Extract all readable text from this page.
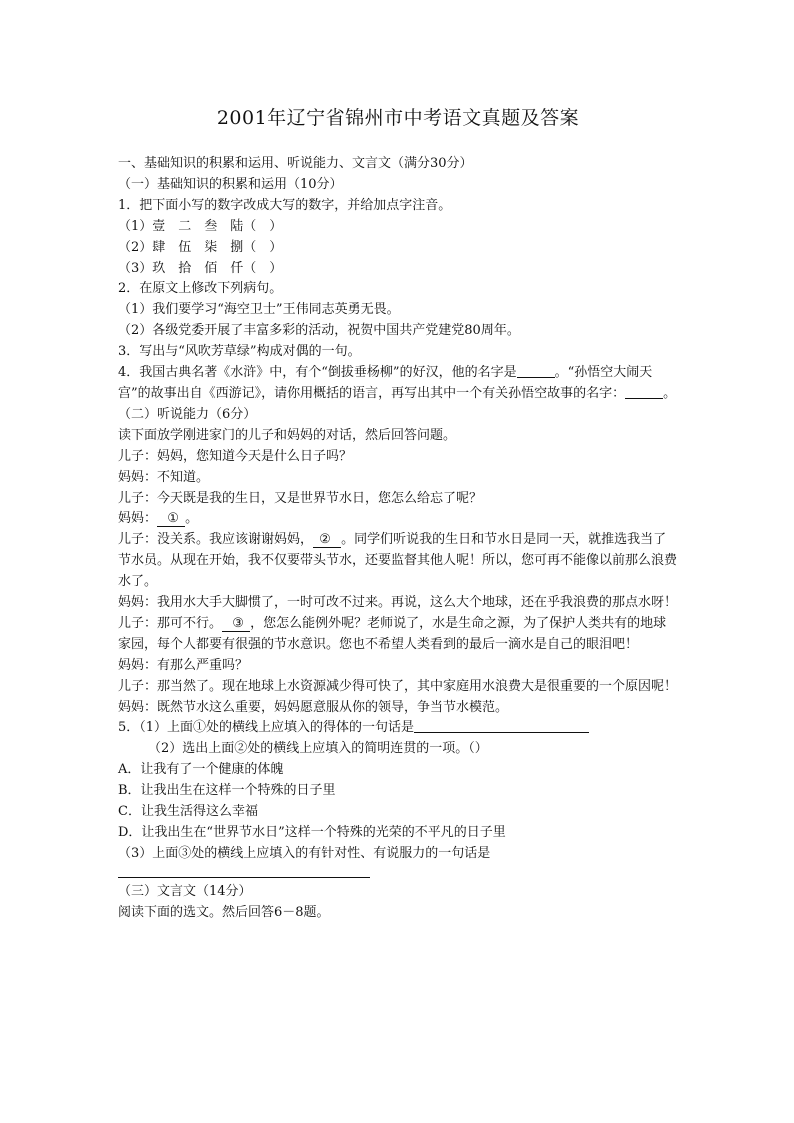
2001年辽宁省锦州市中考语文真题及答案
一、基础知识的积累和运用、听说能力、文言文（满分30分）
（一）基础知识的积累和运用（10分）
1．把下面小写的数字改成大写的数字，并给加点字注音。
（1）壹　二　叁　陆（　）
（2）肆　伍　柒　捌（　）
（3）玖　拾　佰　仟（　）
2．在原文上修改下列病句。
（1）我们要学习“海空卫士”王伟同志英勇无畏。
（2）各级党委开展了丰富多彩的活动，祝贺中国共产党建党80周年。
3．写出与“风吹芳草绿”构成对偶的一句。
4．我国古典名著《水浒》中，有个“倒拔垂杨柳”的好汉，他的名字是	。“孙悟空大闹天宫”的故事出自《西游记》，请你用概括的语言，再写出其中一个有关孙悟空故事的名字：	。
（二）听说能力（6分）
读下面放学刚进家门的儿子和妈妈的对话，然后回答问题。
儿子：妈妈，您知道今天是什么日子吗？
妈妈：不知道。
儿子：今天既是我的生日，又是世界节水日，您怎么给忘了呢？
妈妈： ① 。
儿子：没关系。我应该谢谢妈妈， ② 。同学们听说我的生日和节水日是同一天，就推选我当了节水员。从现在开始，我不仅要带头节水，还要监督其他人呢！所以，您可再不能像以前那么浪费水了。
妈妈：我用水大手大脚惯了，一时可改不过来。再说，这么大个地球，还在乎我浪费的那点水呀！
儿子：那可不行。 ③ ，您怎么能例外呢？老师说了，水是生命之源，为了保护人类共有的地球家园，每个人都要有很强的节水意识。您也不希望人类看到的最后一滴水是自己的眼泪吧！
妈妈：有那么严重吗？
儿子：那当然了。现在地球上水资源减少得可快了，其中家庭用水浪费大是很重要的一个原因呢！
妈妈：既然节水这么重要，妈妈愿意服从你的领导，争当节水模范。
5．（1）上面①处的横线上应填入的得体的一句话是
（2）选出上面②处的横线上应填入的简明连贯的一项。（）
A．让我有了一个健康的体魄
B．让我出生在这样一个特殊的日子里
C．让我生活得这么幸福
D．让我出生在“世界节水日”这样一个特殊的光荣的不平凡的日子里
（3）上面③处的横线上应填入的有针对性、有说服力的一句话是
（三）文言文（14分）
阅读下面的选文。然后回答6－8题。
